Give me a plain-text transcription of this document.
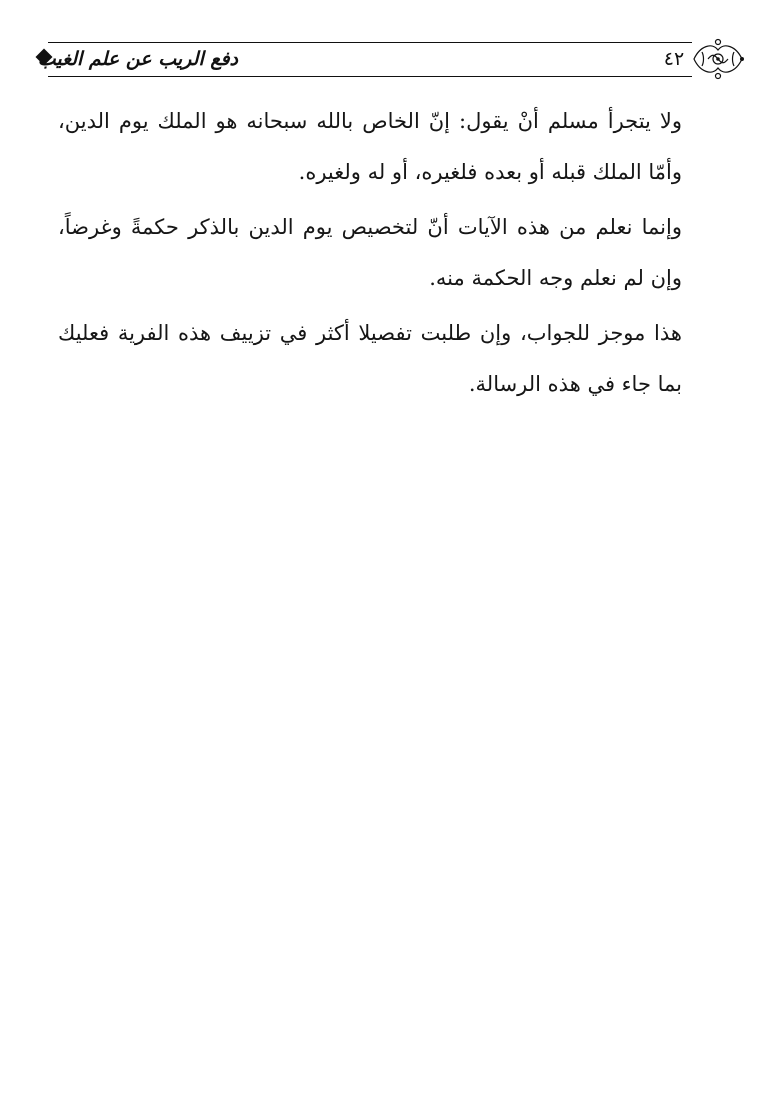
دفع الريب عن علم الغيب	٤٢

ولا يتجرأ مسلم أنْ يقول: إنّ الخاص بالله سبحانه هو الملك يوم الدين، وأمّا الملك قبله أو بعده فلغيره، أو له ولغيره.

وإنما نعلم من هذه الآيات أنّ لتخصيص يوم الدين بالذكر حكمةً وغرضاً، وإن لم نعلم وجه الحكمة منه.

هذا موجز للجواب، وإن طلبت تفصيلا أكثر في تزييف هذه الفرية فعليك بما جاء في هذه الرسالة.
